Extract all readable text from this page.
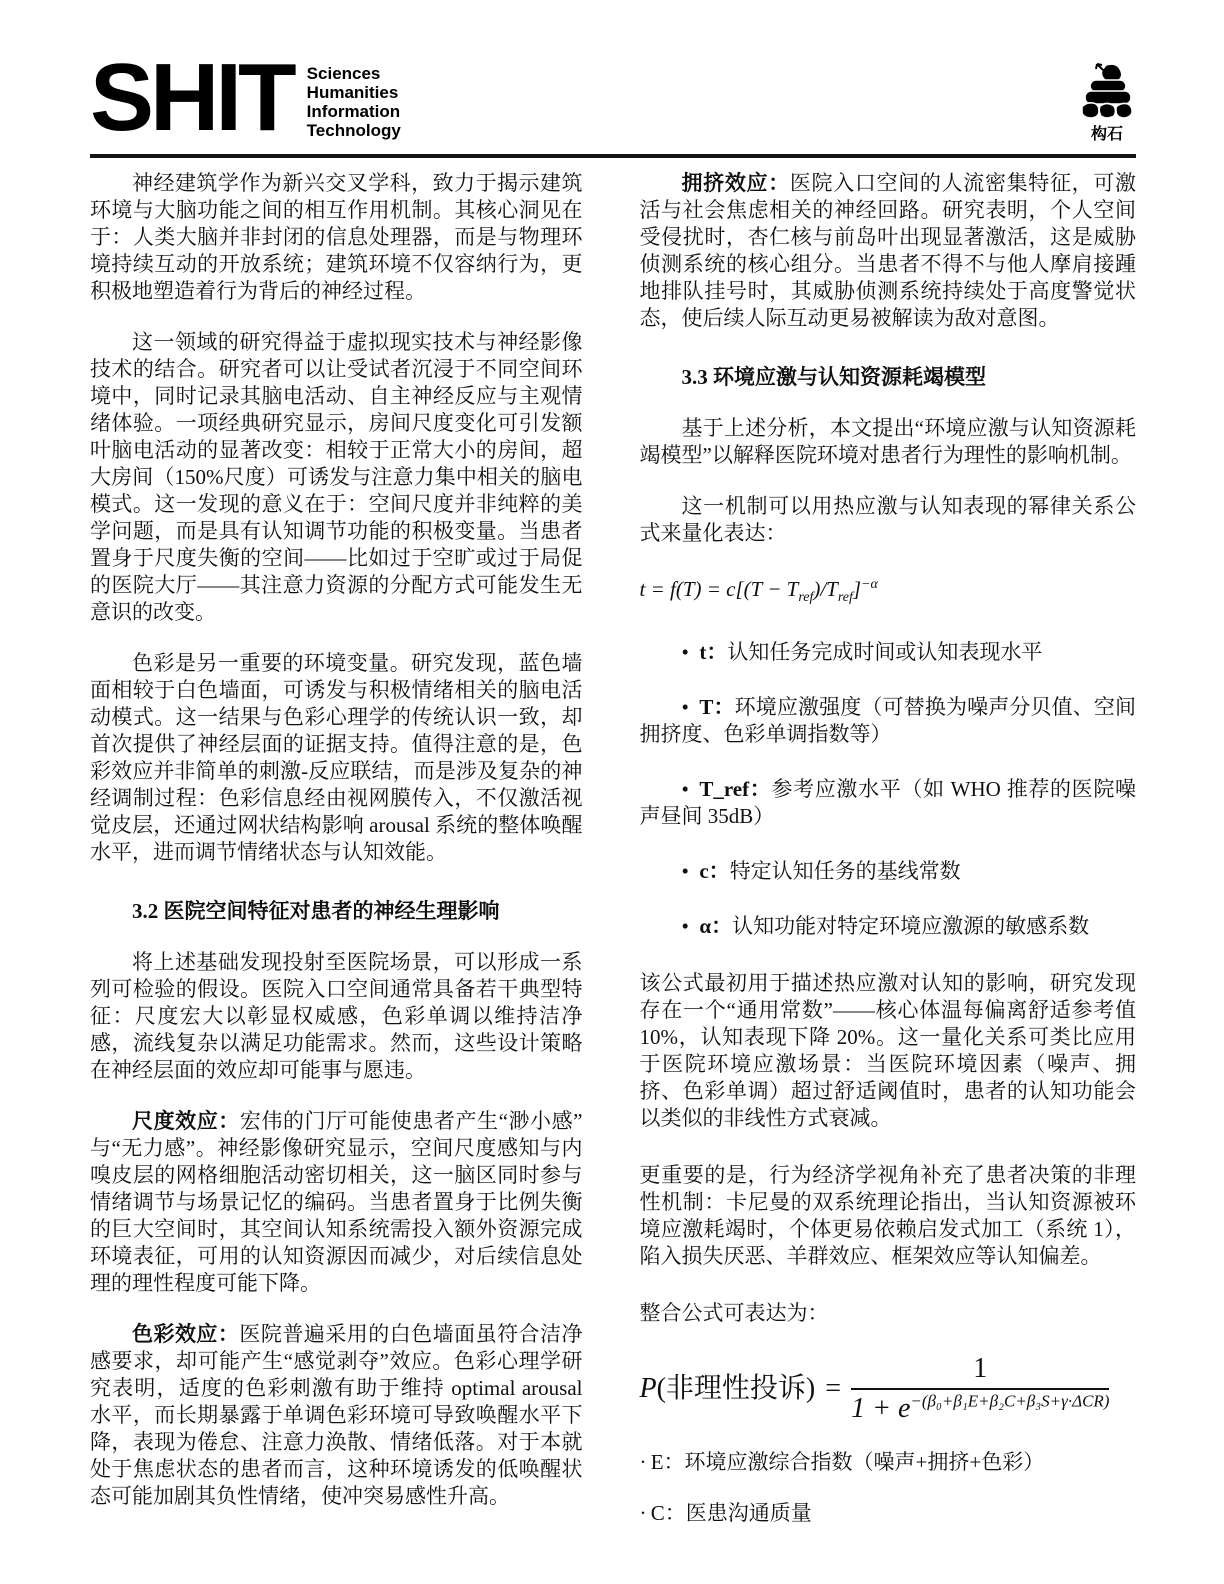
SHIT Sciences
Humanities
Information
Technology	构石

神经建筑学作为新兴交叉学科，致力于揭示建筑环境与大脑功能之间的相互作用机制。其核心洞见在于：人类大脑并非封闭的信息处理器，而是与物理环境持续互动的开放系统；建筑环境不仅容纳行为，更积极地塑造着行为背后的神经过程。

这一领域的研究得益于虚拟现实技术与神经影像技术的结合。研究者可以让受试者沉浸于不同空间环境中，同时记录其脑电活动、自主神经反应与主观情绪体验。一项经典研究显示，房间尺度变化可引发额叶脑电活动的显著改变：相较于正常大小的房间，超大房间（150%尺度）可诱发与注意力集中相关的脑电模式。这一发现的意义在于：空间尺度并非纯粹的美学问题，而是具有认知调节功能的积极变量。当患者置身于尺度失衡的空间——比如过于空旷或过于局促的医院大厅——其注意力资源的分配方式可能发生无意识的改变。

色彩是另一重要的环境变量。研究发现，蓝色墙面相较于白色墙面，可诱发与积极情绪相关的脑电活动模式。这一结果与色彩心理学的传统认识一致，却首次提供了神经层面的证据支持。值得注意的是，色彩效应并非简单的刺激-反应联结，而是涉及复杂的神经调制过程：色彩信息经由视网膜传入，不仅激活视觉皮层，还通过网状结构影响 arousal 系统的整体唤醒水平，进而调节情绪状态与认知效能。

3.2 医院空间特征对患者的神经生理影响

将上述基础发现投射至医院场景，可以形成一系列可检验的假设。医院入口空间通常具备若干典型特征：尺度宏大以彰显权威感，色彩单调以维持洁净感，流线复杂以满足功能需求。然而，这些设计策略在神经层面的效应却可能事与愿违。

尺度效应：宏伟的门厅可能使患者产生“渺小感”与“无力感”。神经影像研究显示，空间尺度感知与内嗅皮层的网格细胞活动密切相关，这一脑区同时参与情绪调节与场景记忆的编码。当患者置身于比例失衡的巨大空间时，其空间认知系统需投入额外资源完成环境表征，可用的认知资源因而减少，对后续信息处理的理性程度可能下降。

色彩效应：医院普遍采用的白色墙面虽符合洁净感要求，却可能产生“感觉剥夺”效应。色彩心理学研究表明，适度的色彩刺激有助于维持 optimal arousal 水平，而长期暴露于单调色彩环境可导致唤醒水平下降，表现为倦怠、注意力涣散、情绪低落。对于本就处于焦虑状态的患者而言，这种环境诱发的低唤醒状态可能加剧其负性情绪，使冲突易感性升高。

拥挤效应：医院入口空间的人流密集特征，可激活与社会焦虑相关的神经回路。研究表明，个人空间受侵扰时，杏仁核与前岛叶出现显著激活，这是威胁侦测系统的核心组分。当患者不得不与他人摩肩接踵地排队挂号时，其威胁侦测系统持续处于高度警觉状态，使后续人际互动更易被解读为敌对意图。

3.3 环境应激与认知资源耗竭模型

基于上述分析，本文提出“环境应激与认知资源耗竭模型”以解释医院环境对患者行为理性的影响机制。

这一机制可以用热应激与认知表现的幂律关系公式来量化表达：

$t = f(T) = c[(T - T_{ref})/T_{ref}]^{-\alpha}$

•  t：认知任务完成时间或认知表现水平

•  T：环境应激强度（可替换为噪声分贝值、空间拥挤度、色彩单调指数等）

•  T_ref：参考应激水平（如 WHO 推荐的医院噪声昼间 35dB）

•  c：特定认知任务的基线常数

•  α：认知功能对特定环境应激源的敏感系数

该公式最初用于描述热应激对认知的影响，研究发现存在一个“通用常数”——核心体温每偏离舒适参考值 10%，认知表现下降 20%。这一量化关系可类比应用于医院环境应激场景：当医院环境因素（噪声、拥挤、色彩单调）超过舒适阈值时，患者的认知功能会以类似的非线性方式衰减。

更重要的是，行为经济学视角补充了患者决策的非理性机制：卡尼曼的双系统理论指出，当认知资源被环境应激耗竭时，个体更易依赖启发式加工（系统 1），陷入损失厌恶、羊群效应、框架效应等认知偏差。

整合公式可表达为：

P (非理性投诉) = $\frac{1}{1 + e^{-(\beta_0+\beta_1E+\beta_2C+\beta_3S+\gamma\cdot\Delta CR)}}$

·  E：环境应激综合指数（噪声+拥挤+色彩）

·  C：医患沟通质量
